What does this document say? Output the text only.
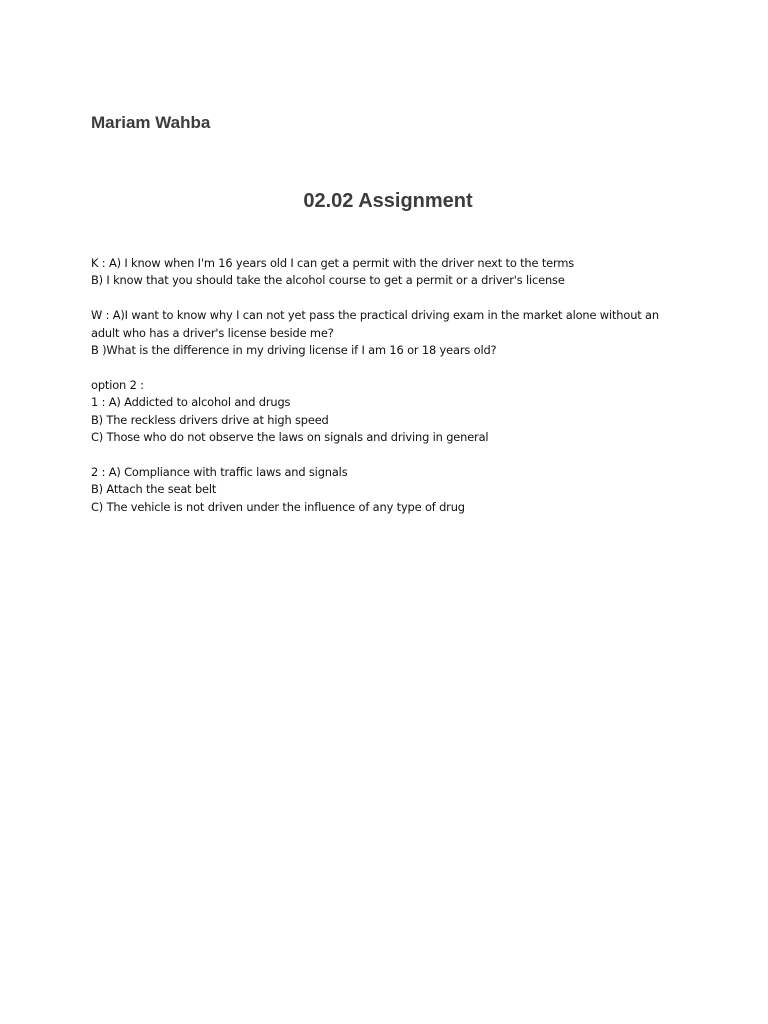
Mariam Wahba

02.02 Assignment

K : A) I know when I'm 16 years old I can get a permit with the driver next to the terms
B) I know that you should take the alcohol course to get a permit or a driver's license

W : A)I want to know why I can not yet pass the practical driving exam in the market alone without an
adult who has a driver's license beside me?
B )What is the difference in my driving license if I am 16 or 18 years old?

option 2 :
1 : A) Addicted to alcohol and drugs
B) The reckless drivers drive at high speed
C) Those who do not observe the laws on signals and driving in general

2 : A) Compliance with traffic laws and signals
B) Attach the seat belt
C) The vehicle is not driven under the influence of any type of drug
